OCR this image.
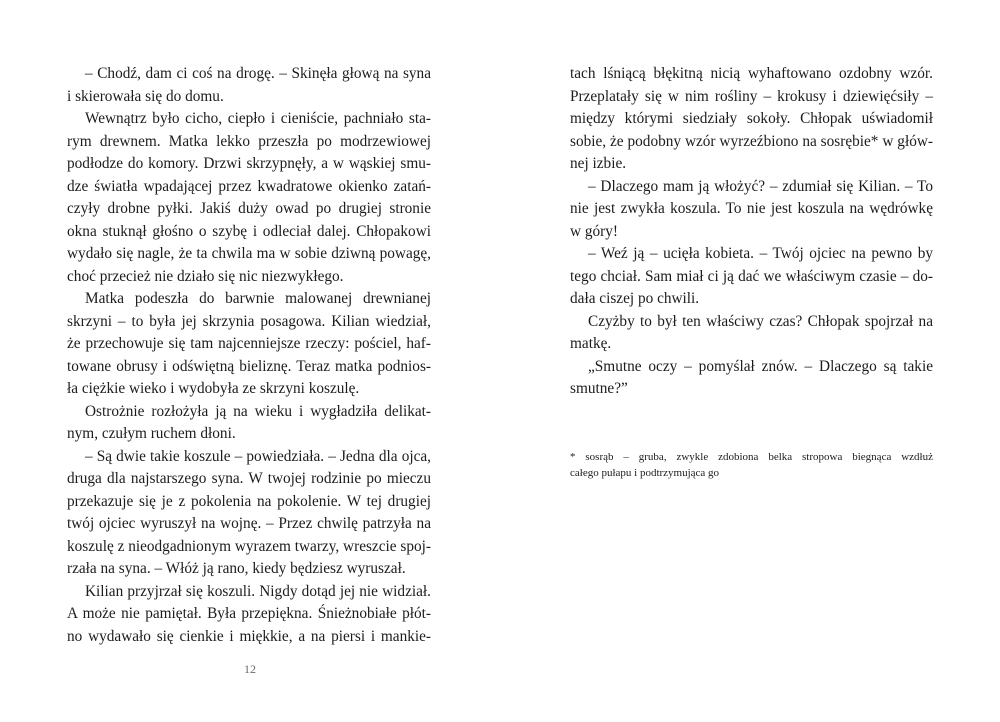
– Chodź, dam ci coś na drogę. – Skinęła głową na syna
i skierowała się do domu.
Wewnątrz było cicho, ciepło i cieniście, pachniało sta-
rym drewnem. Matka lekko przeszła po modrzewiowej
podłodze do komory. Drzwi skrzypnęły, a w wąskiej smu-
dze światła wpadającej przez kwadratowe okienko zatań-
czyły drobne pyłki. Jakiś duży owad po drugiej stronie
okna stuknął głośno o szybę i odleciał dalej. Chłopakowi
wydało się nagle, że ta chwila ma w sobie dziwną powagę,
choć przecież nie działo się nic niezwykłego.
Matka podeszła do barwnie malowanej drewnianej
skrzyni – to była jej skrzynia posagowa. Kilian wiedział,
że przechowuje się tam najcenniejsze rzeczy: pościel, haf-
towane obrusy i odświętną bieliznę. Teraz matka podnios-
ła ciężkie wieko i wydobyła ze skrzyni koszulę.
Ostrożnie rozłożyła ją na wieku i wygładziła delikat-
nym, czułym ruchem dłoni.
– Są dwie takie koszule – powiedziała. – Jedna dla ojca,
druga dla najstarszego syna. W twojej rodzinie po mieczu
przekazuje się je z pokolenia na pokolenie. W tej drugiej
twój ojciec wyruszył na wojnę. – Przez chwilę patrzyła na
koszulę z nieodgadnionym wyrazem twarzy, wreszcie spoj-
rzała na syna. – Włóż ją rano, kiedy będziesz wyruszał.
Kilian przyjrzał się koszuli. Nigdy dotąd jej nie widział.
A może nie pamiętał. Była przepiękna. Śnieżnobiałe płót-
no wydawało się cienkie i miękkie, a na piersi i mankie-
12
tach lśniącą błękitną nicią wyhaftowano ozdobny wzór.
Przeplatały się w nim rośliny – krokusy i dziewięćsiły –
między którymi siedziały sokoły. Chłopak uświadomił
sobie, że podobny wzór wyrzeźbiono na sosrębie* w głów-
nej izbie.
– Dlaczego mam ją włożyć? – zdumiał się Kilian. – To
nie jest zwykła koszula. To nie jest koszula na wędrówkę
w góry!
– Weź ją – ucięła kobieta. – Twój ojciec na pewno by
tego chciał. Sam miał ci ją dać we właściwym czasie – do-
dała ciszej po chwili.
Czyżby to był ten właściwy czas? Chłopak spojrzał na
matkę.
„Smutne oczy – pomyślał znów. – Dlaczego są takie
smutne?”
* sosrąb – gruba, zwykle zdobiona belka stropowa biegnąca wzdłuż
całego pułapu i podtrzymująca go
